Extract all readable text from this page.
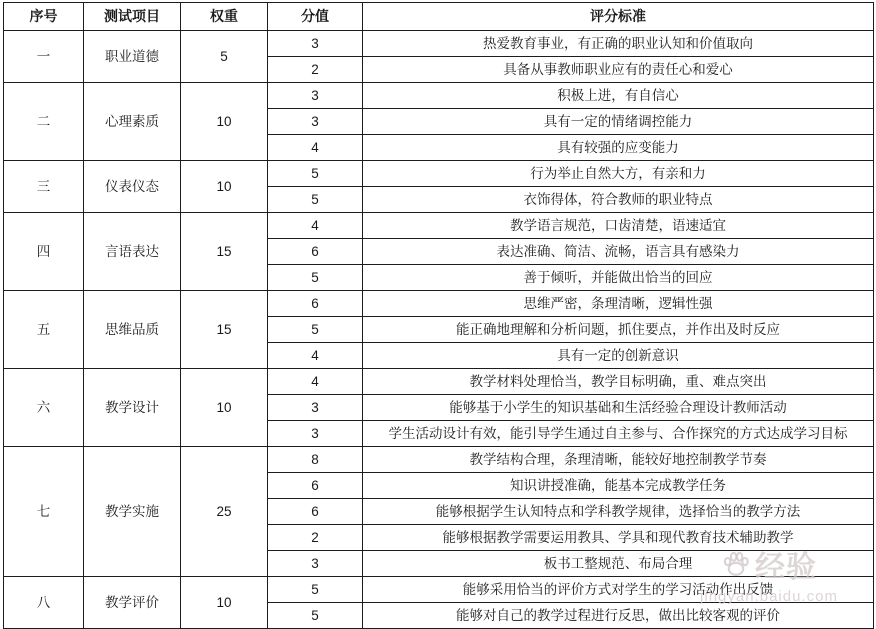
序号	测试项目	权重	分值	评分标准
一	职业道德	5	3	热爱教育事业，有正确的职业认知和价值取向
			2	具备从事教师职业应有的责任心和爱心
二	心理素质	10	3	积极上进，有自信心
			3	具有一定的情绪调控能力
			4	具有较强的应变能力
三	仪表仪态	10	5	行为举止自然大方，有亲和力
			5	衣饰得体，符合教师的职业特点
四	言语表达	15	4	教学语言规范，口齿清楚，语速适宜
			6	表达准确、简洁、流畅，语言具有感染力
			5	善于倾听，并能做出恰当的回应
五	思维品质	15	6	思维严密，条理清晰，逻辑性强
			5	能正确地理解和分析问题，抓住要点，并作出及时反应
			4	具有一定的创新意识
六	教学设计	10	4	教学材料处理恰当，教学目标明确，重、难点突出
			3	能够基于小学生的知识基础和生活经验合理设计教师活动
			3	学生活动设计有效，能引导学生通过自主参与、合作探究的方式达成学习目标
七	教学实施	25	8	教学结构合理，条理清晰，能较好地控制教学节奏
			6	知识讲授准确，能基本完成教学任务
			6	能够根据学生认知特点和学科教学规律，选择恰当的教学方法
			2	能够根据教学需要运用教具、学具和现代教育技术辅助教学
			3	板书工整规范、布局合理
八	教学评价	10	5	能够采用恰当的评价方式对学生的学习活动作出反馈
			5	能够对自己的教学过程进行反思，做出比较客观的评价
经验
jingyan.baidu.com
